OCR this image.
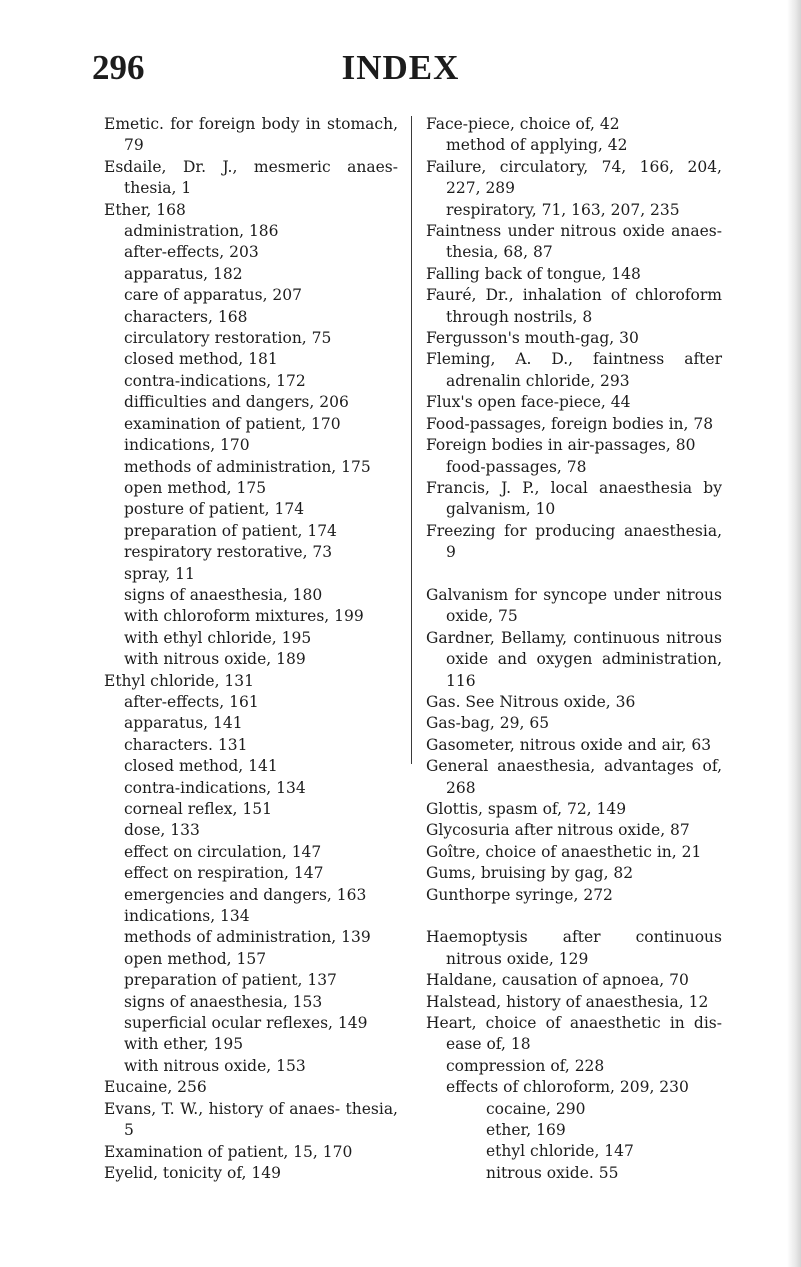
INDEX
296
Emetic. for foreign body in stomach, 79
Esdaile, Dr. J., mesmeric anaes- thesia, 1
Ether, 168
administration, 186
after-effects, 203
apparatus, 182
care of apparatus, 207
characters, 168
circulatory restoration, 75
closed method, 181
contra-indications, 172
difficulties and dangers, 206
examination of patient, 170
indications, 170
methods of administration, 175
open method, 175
posture of patient, 174
preparation of patient, 174
respiratory restorative, 73
spray, 11
signs of anaesthesia, 180
with chloroform mixtures, 199
with ethyl chloride, 195
with nitrous oxide, 189
Ethyl chloride, 131
after-effects, 161
apparatus, 141
characters. 131
closed method, 141
contra-indications, 134
corneal reflex, 151
dose, 133
effect on circulation, 147
effect on respiration, 147
emergencies and dangers, 163
indications, 134
methods of administration, 139
open method, 157
preparation of patient, 137
signs of anaesthesia, 153
superficial ocular reflexes, 149
with ether, 195
with nitrous oxide, 153
Eucaine, 256
Evans, T. W., history of anaes- thesia, 5
Examination of patient, 15, 170
Eyelid, tonicity of, 149
Face-piece, choice of, 42
method of applying, 42
Failure, circulatory, 74, 166, 204, 227, 289
respiratory, 71, 163, 207, 235
Faintness under nitrous oxide anaes- thesia, 68, 87
Falling back of tongue, 148
Fauré, Dr., inhalation of chloroform through nostrils, 8
Fergusson's mouth-gag, 30
Fleming, A. D., faintness after adrenalin chloride, 293
Flux's open face-piece, 44
Food-passages, foreign bodies in, 78
Foreign bodies in air-passages, 80
food-passages, 78
Francis, J. P., local anaesthesia by galvanism, 10
Freezing for producing anaesthesia, 9
Galvanism for syncope under nitrous oxide, 75
Gardner, Bellamy, continuous nitrous oxide and oxygen administration, 116
Gas. See Nitrous oxide, 36
Gas-bag, 29, 65
Gasometer, nitrous oxide and air, 63
General anaesthesia, advantages of, 268
Glottis, spasm of, 72, 149
Glycosuria after nitrous oxide, 87
Goître, choice of anaesthetic in, 21
Gums, bruising by gag, 82
Gunthorpe syringe, 272
Haemoptysis after continuous nitrous oxide, 129
Haldane, causation of apnoea, 70
Halstead, history of anaesthesia, 12
Heart, choice of anaesthetic in dis- ease of, 18
compression of, 228
effects of chloroform, 209, 230
cocaine, 290
ether, 169
ethyl chloride, 147
nitrous oxide. 55
